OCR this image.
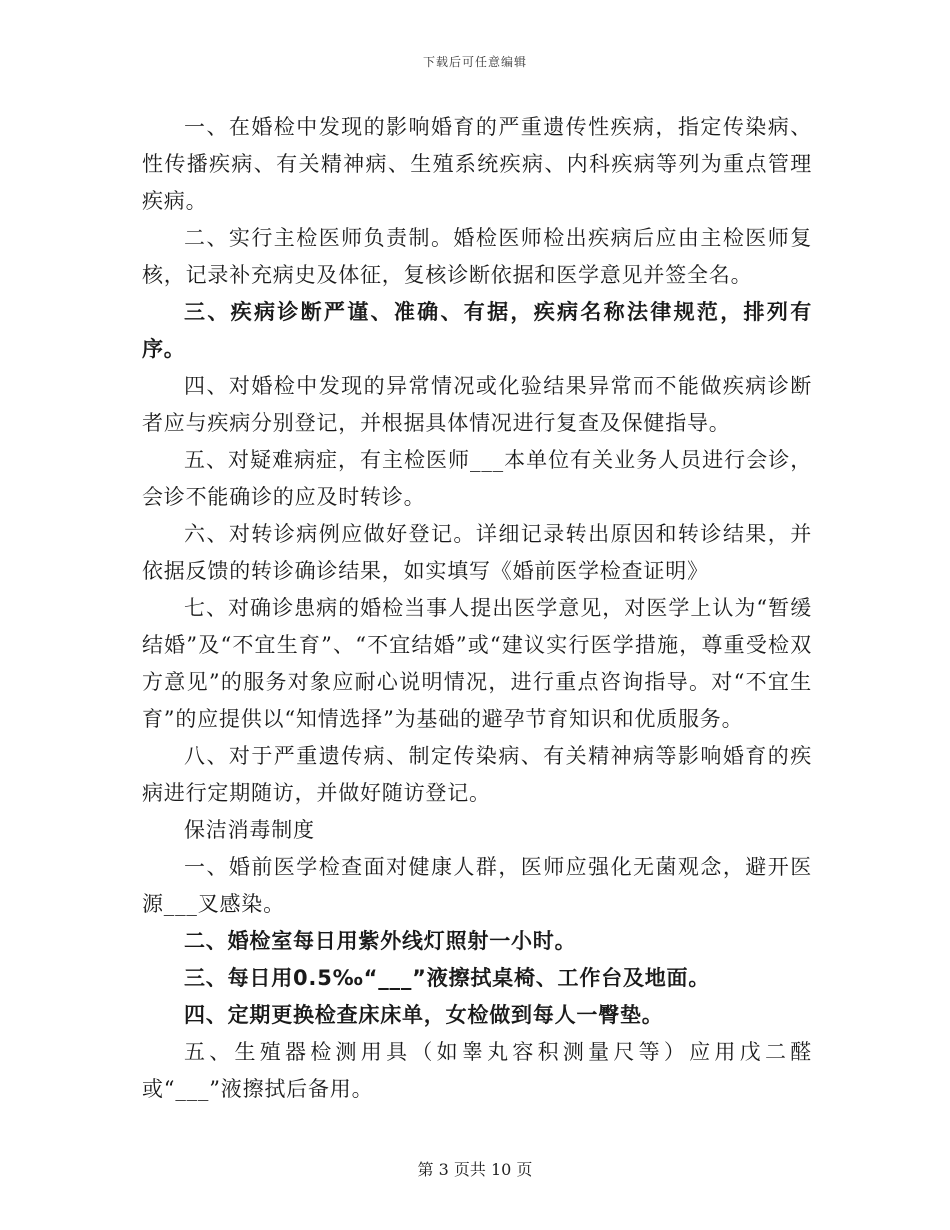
下载后可任意编辑

一、在婚检中发现的影响婚育的严重遗传性疾病，指定传染病、性传播疾病、有关精神病、生殖系统疾病、内科疾病等列为重点管理疾病。

二、实行主检医师负责制。婚检医师检出疾病后应由主检医师复核，记录补充病史及体征，复核诊断依据和医学意见并签全名。

三、疾病诊断严谨、准确、有据，疾病名称法律规范，排列有序。

四、对婚检中发现的异常情况或化验结果异常而不能做疾病诊断者应与疾病分别登记，并根据具体情况进行复查及保健指导。

五、对疑难病症，有主检医师___本单位有关业务人员进行会诊，会诊不能确诊的应及时转诊。

六、对转诊病例应做好登记。详细记录转出原因和转诊结果，并依据反馈的转诊确诊结果，如实填写《婚前医学检查证明》

七、对确诊患病的婚检当事人提出医学意见，对医学上认为“暂缓结婚”及“不宜生育”、“不宜结婚”或“建议实行医学措施，尊重受检双方意见”的服务对象应耐心说明情况，进行重点咨询指导。对“不宜生育”的应提供以“知情选择”为基础的避孕节育知识和优质服务。

八、对于严重遗传病、制定传染病、有关精神病等影响婚育的疾病进行定期随访，并做好随访登记。

保洁消毒制度

一、婚前医学检查面对健康人群，医师应强化无菌观念，避开医源___叉感染。

二、婚检室每日用紫外线灯照射一小时。

三、每日用0.5‰“___”液擦拭桌椅、工作台及地面。

四、定期更换检查床床单，女检做到每人一臀垫。

五、生殖器检测用具（如睾丸容积测量尺等）应用戊二醛或“___”液擦拭后备用。

第 3 页共 10 页
